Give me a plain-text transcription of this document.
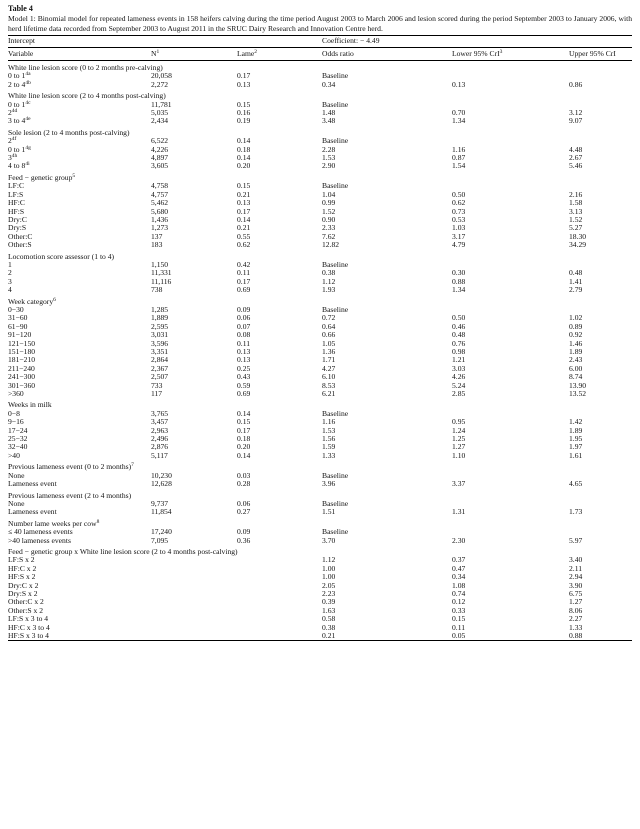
Table 4
Model 1: Binomial model for repeated lameness events in 158 heifers calving during the time period August 2003 to March 2006 and lesion scored during the period September 2003 to January 2006, with herd lifetime data recorded from September 2003 to August 2011 in the SRUC Dairy Research and Innovation Centre herd.
Intercept			Coefficient: − 4.49		
Variable	$N^1$	Lame$^2$	Odds ratio	Lower 95% CrI$^3$	Upper 95% CrI
White line lesion score (0 to 2 months pre-calving)					
0 to $1^{4a}$	20,058	0.17	Baseline		
2 to $4^{4b}$	2,272	0.13	0.34	0.13	0.86
White line lesion score (2 to 4 months post-calving)					
0 to $1^{4c}$	11,781	0.15	Baseline		
$2^{4d}$	5,035	0.16	1.48	0.70	3.12
3 to $4^{4e}$	2,434	0.19	3.48	1.34	9.07
Sole lesion (2 to 4 months post-calving)					
$2^{4f}$	6,522	0.14	Baseline		
0 to $1^{4g}$	4,226	0.18	2.28	1.16	4.48
$3^{4h}$	4,897	0.14	1.53	0.87	2.67
4 to $8^{4i}$	3,605	0.20	2.90	1.54	5.46
Feed − genetic group$^5$
LF:C	4,758	0.15	Baseline		
LF:S	4,757	0.21	1.04	0.50	2.16
HF:C	5,462	0.13	0.99	0.62	1.58
HF:S	5,680	0.17	1.52	0.73	3.13
Dry:C	1,436	0.14	0.90	0.53	1.52
Dry:S	1,273	0.21	2.33	1.03	5.27
Other:C	137	0.55	7.62	3.17	18.30
Other:S	183	0.62	12.82	4.79	34.29
Locomotion score assessor (1 to 4)					
1	1,150	0.42	Baseline		
2	11,331	0.11	0.38	0.30	0.48
3	11,116	0.17	1.12	0.88	1.41
4	738	0.69	1.93	1.34	2.79
Week category$^6$
0−30	1,285	0.09	Baseline		
31−60	1,889	0.06	0.72	0.50	1.02
61−90	2,595	0.07	0.64	0.46	0.89
91−120	3,031	0.08	0.66	0.48	0.92
121−150	3,596	0.11	1.05	0.76	1.46
151−180	3,351	0.13	1.36	0.98	1.89
181−210	2,864	0.13	1.71	1.21	2.43
211−240	2,367	0.25	4.27	3.03	6.00
241−300	2,507	0.43	6.10	4.26	8.74
301−360	733	0.59	8.53	5.24	13.90
>360	117	0.69	6.21	2.85	13.52
Weeks in milk					
0−8	3,765	0.14	Baseline		
9−16	3,457	0.15	1.16	0.95	1.42
17−24	2,963	0.17	1.53	1.24	1.89
25−32	2,496	0.18	1.56	1.25	1.95
32−40	2,876	0.20	1.59	1.27	1.97
>40	5,117	0.14	1.33	1.10	1.61
Previous lameness event (0 to 2 months)$^7$
None	10,230	0.03	Baseline		
Lameness event	12,628	0.28	3.96	3.37	4.65
Previous lameness event (2 to 4 months)					
None	9,737	0.06	Baseline		
Lameness event	11,854	0.27	1.51	1.31	1.73
Number lame weeks per cow$^8$
≤ 40 lameness events	17,240	0.09	Baseline		
>40 lameness events	7,095	0.36	3.70	2.30	5.97
Feed − genetic group x White line lesion score (2 to 4 months post-calving)					
LF:S x 2			1.12	0.37	3.40
HF:C x 2			1.00	0.47	2.11
HF:S x 2			1.00	0.34	2.94
Dry:C x 2			2.05	1.08	3.90
Dry:S x 2			2.23	0.74	6.75
Other:C x 2			0.39	0.12	1.27
Other:S x 2			1.63	0.33	8.06
LF:S x 3 to 4			0.58	0.15	2.27
HF:C x 3 to 4			0.38	0.11	1.33
HF:S x 3 to 4			0.21	0.05	0.88
